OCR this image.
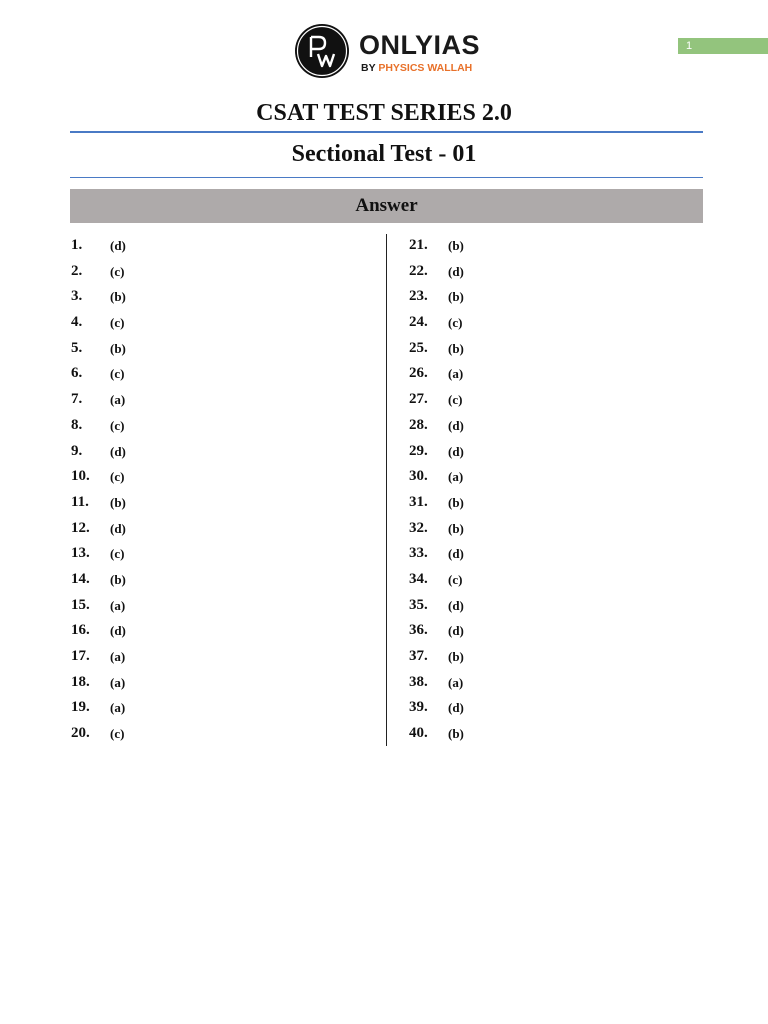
1
ONLYIAS
BY PHYSICS WALLAH
CSAT TEST SERIES 2.0
Sectional Test - 01
Answer
1. (d)
2. (c)
3. (b)
4. (c)
5. (b)
6. (c)
7. (a)
8. (c)
9. (d)
10. (c)
11. (b)
12. (d)
13. (c)
14. (b)
15. (a)
16. (d)
17. (a)
18. (a)
19. (a)
20. (c)
21. (b)
22. (d)
23. (b)
24. (c)
25. (b)
26. (a)
27. (c)
28. (d)
29. (d)
30. (a)
31. (b)
32. (b)
33. (d)
34. (c)
35. (d)
36. (d)
37. (b)
38. (a)
39. (d)
40. (b)
